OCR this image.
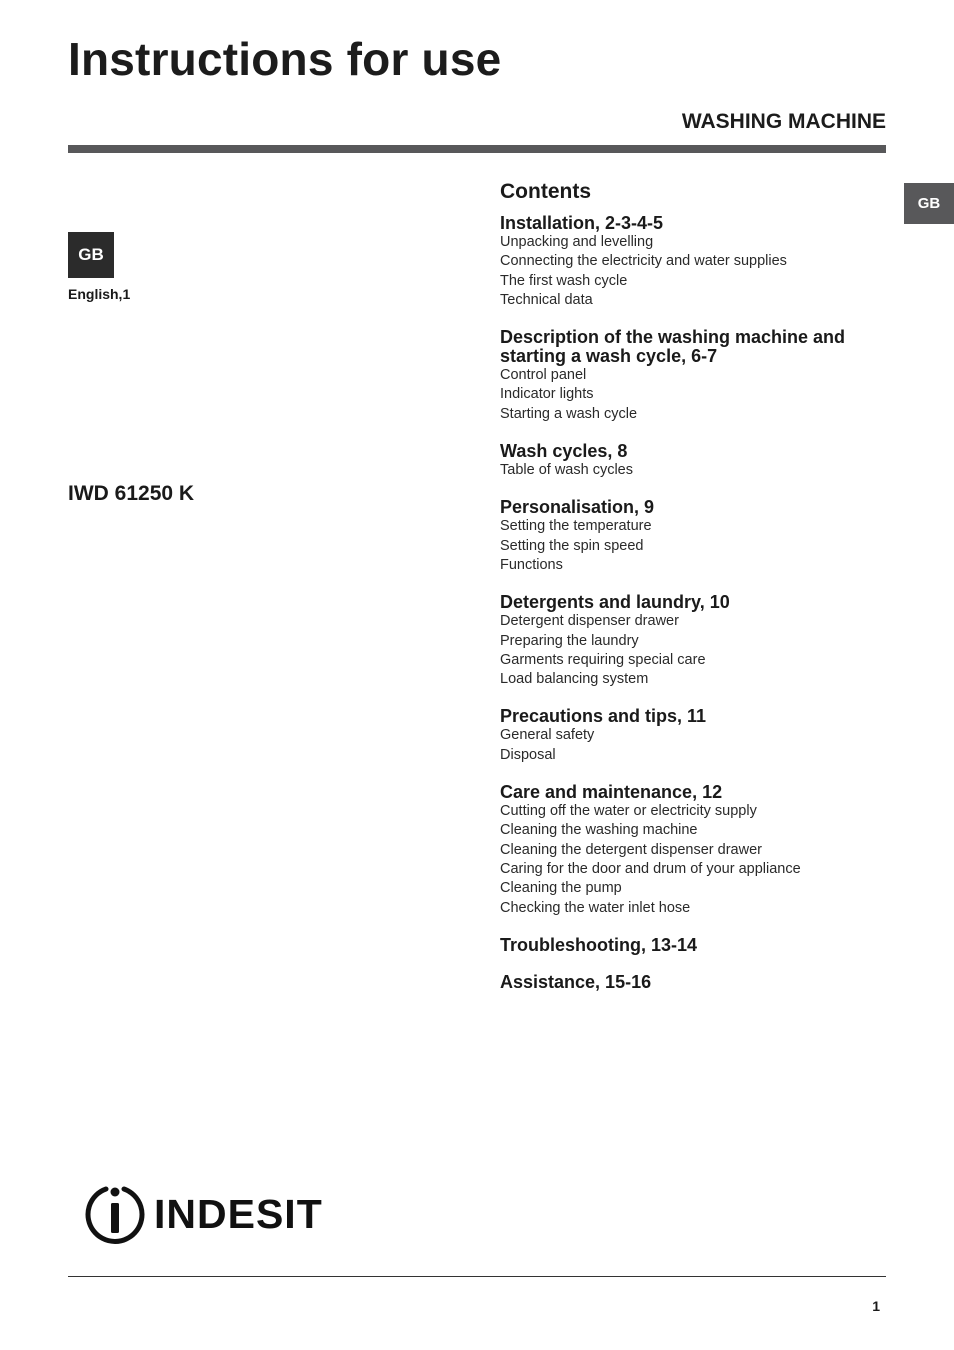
Instructions for use
WASHING MACHINE
GB
GB
English,1
IWD 61250 K
Contents
Installation, 2-3-4-5
Unpacking and levelling
Connecting the electricity and water supplies
The first wash cycle
Technical data
Description of the washing machine and starting a wash cycle, 6-7
Control panel
Indicator lights
Starting a wash cycle
Wash cycles, 8
Table of wash cycles
Personalisation, 9
Setting the temperature
Setting the spin speed
Functions
Detergents and laundry, 10
Detergent dispenser drawer
Preparing the laundry
Garments requiring special care
Load balancing system
Precautions and tips, 11
General safety
Disposal
Care and maintenance, 12
Cutting off the water or electricity supply
Cleaning the washing machine
Cleaning the detergent dispenser drawer
Caring for the door and drum of your appliance
Cleaning the pump
Checking the water inlet hose
Troubleshooting, 13-14
Assistance, 15-16
INDESIT
1
